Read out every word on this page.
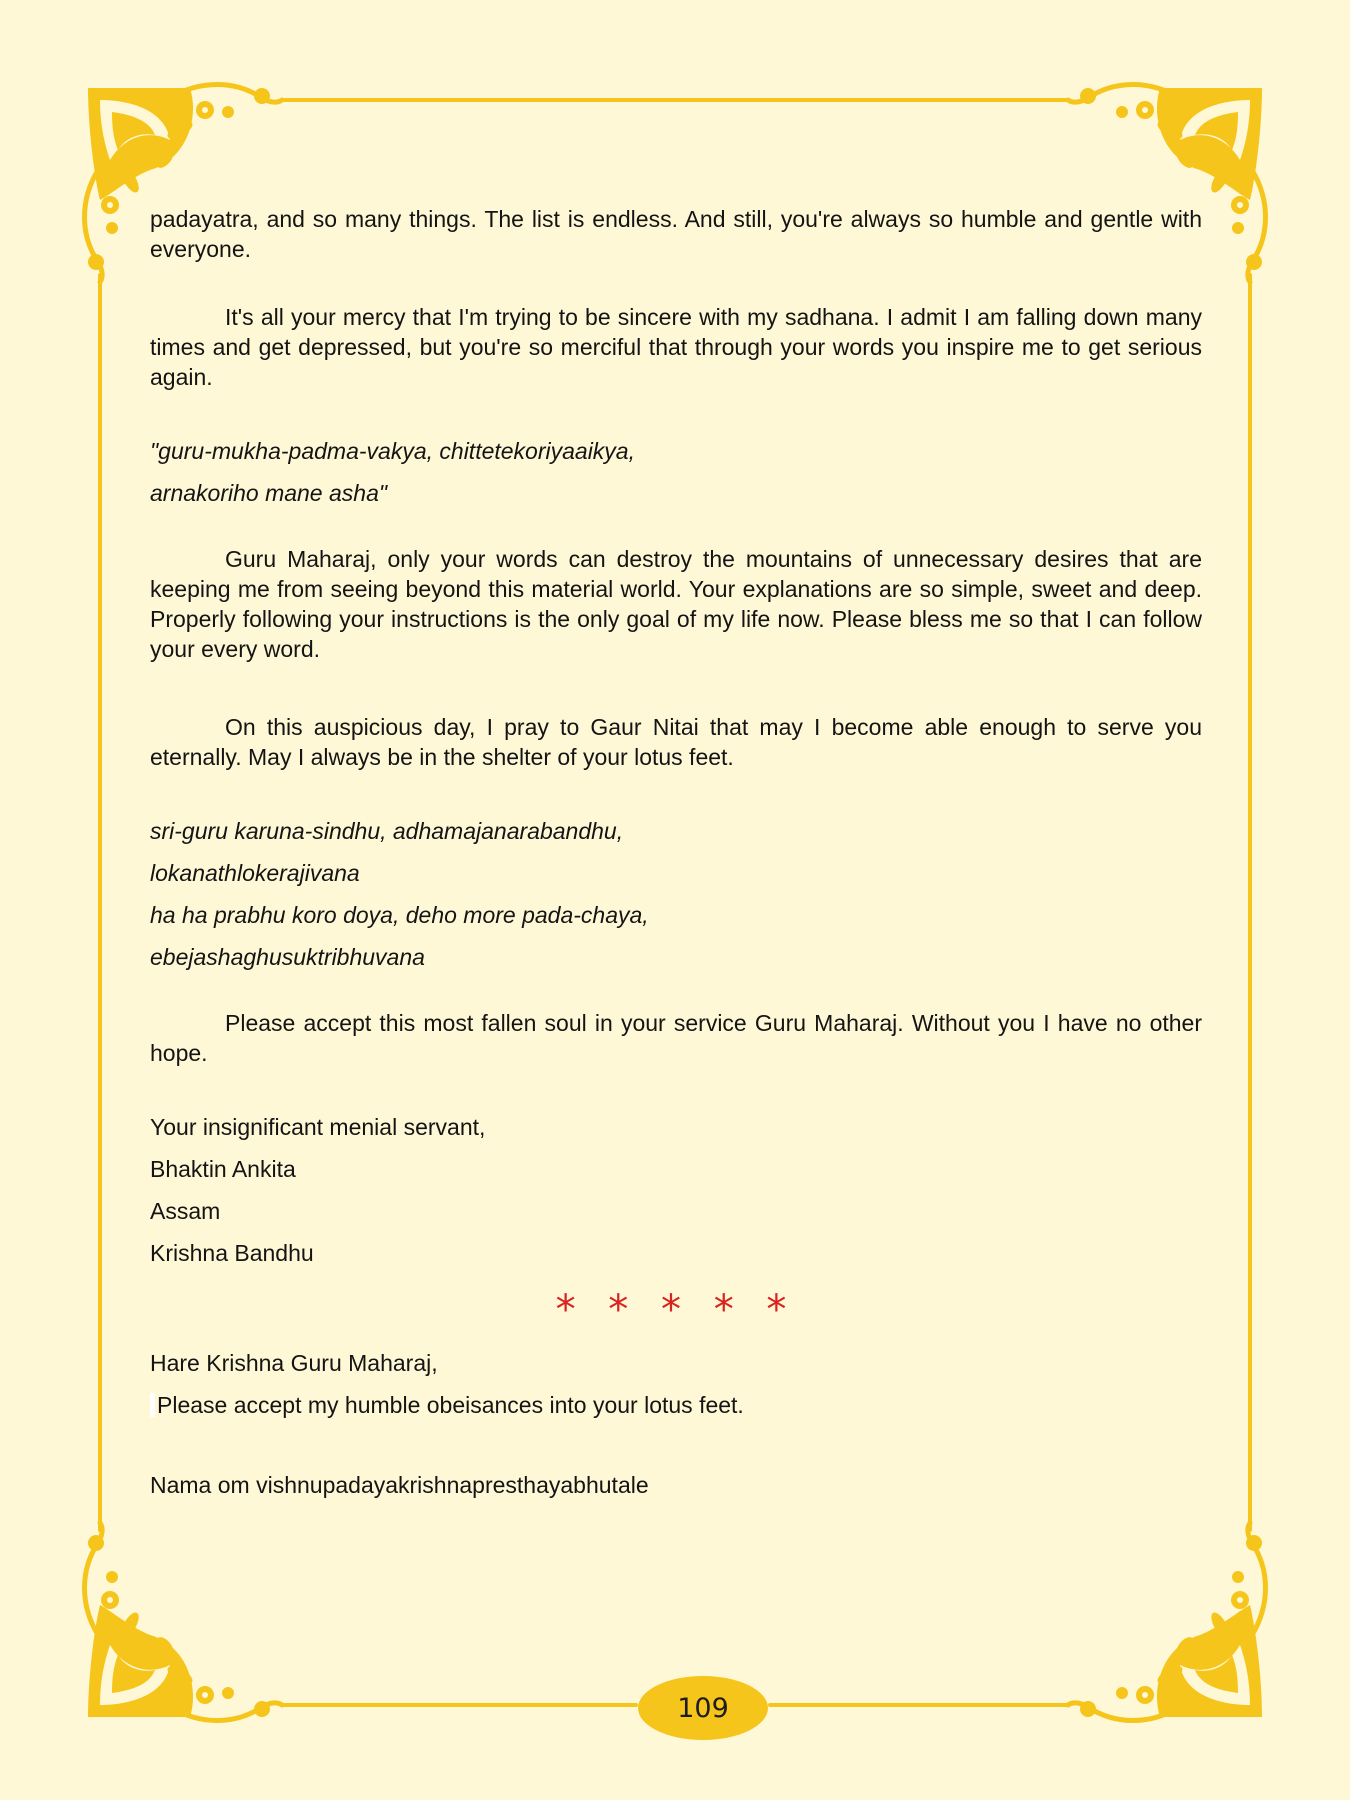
padayatra, and so many things. The list is endless. And still, you're always so humble and gentle with everyone.

It's all your mercy that I'm trying to be sincere with my sadhana. I admit I am falling down many times and get depressed, but you're so merciful that through your words you inspire me to get serious again.

"guru-mukha-padma-vakya, chittetekoriyaaikya,

arnakoriho mane asha"

Guru Maharaj, only your words can destroy the mountains of unnecessary desires that are keeping me from seeing beyond this material world. Your explanations are so simple, sweet and deep. Properly following your instructions is the only goal of my life now. Please bless me so that I can follow your every word.

On this auspicious day, I pray to Gaur Nitai that may I become able enough to serve you eternally. May I always be in the shelter of your lotus feet.

sri-guru karuna-sindhu, adhamajanarabandhu,

lokanathlokerajivana

ha ha prabhu koro doya, deho more pada-chaya,

ebejashaghusuktribhuvana

Please accept this most fallen soul in your service Guru Maharaj. Without you I have no other hope.

Your insignificant menial servant,

Bhaktin Ankita

Assam

Krishna Bandhu

* * * * *

Hare Krishna Guru Maharaj,

Please accept my humble obeisances into your lotus feet.

Nama om vishnupadayakrishnapresthayabhutale

109
